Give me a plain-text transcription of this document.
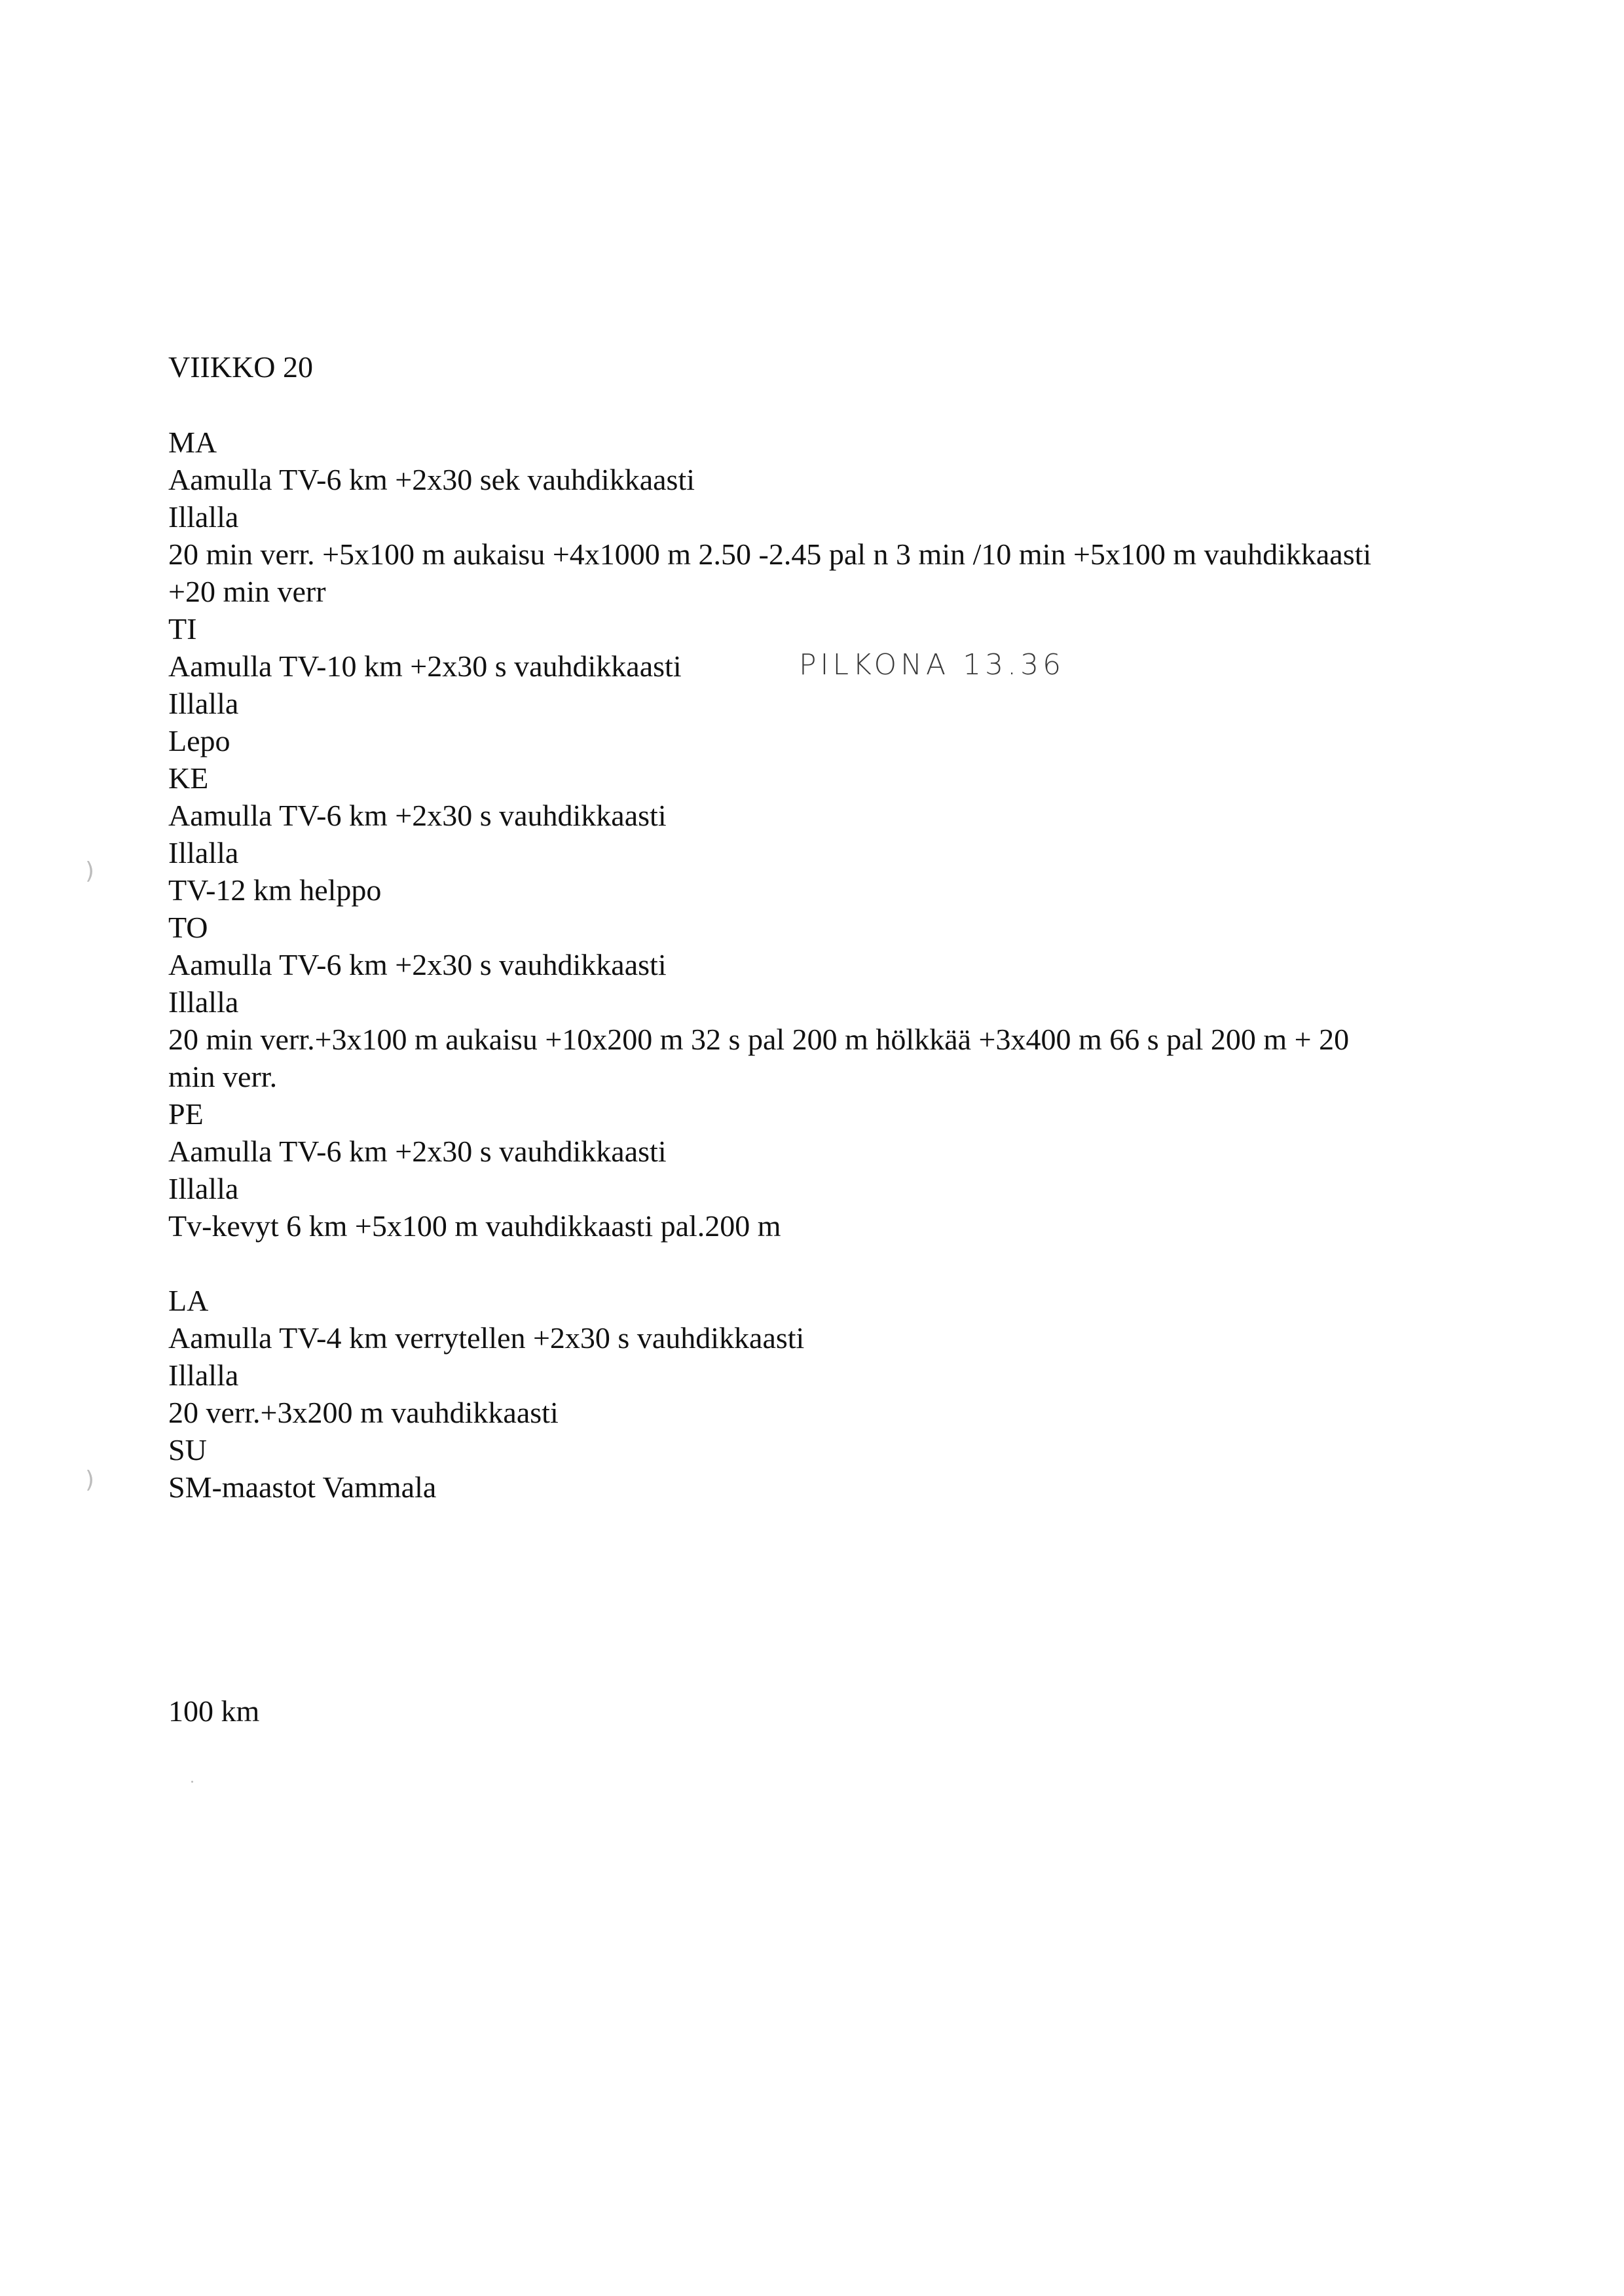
VIIKKO 20
MA
Aamulla TV-6 km +2x30 sek vauhdikkaasti
Illalla
20 min verr. +5x100 m aukaisu +4x1000 m 2.50 -2.45 pal n 3 min /10 min +5x100 m vauhdikkaasti
+20 min verr
TI
Aamulla TV-10 km +2x30 s vauhdikkaasti	PILKONA 13.36
Illalla
Lepo
KE
Aamulla TV-6 km +2x30 s vauhdikkaasti
Illalla
)
TV-12 km helppo
TO
Aamulla TV-6 km +2x30 s vauhdikkaasti
Illalla
20 min verr.+3x100 m aukaisu +10x200 m 32 s pal 200 m hölkkää +3x400 m 66 s pal 200 m + 20
min verr.
PE
Aamulla TV-6 km +2x30 s vauhdikkaasti
Illalla
Tv-kevyt 6 km +5x100 m vauhdikkaasti pal.200 m
LA
Aamulla TV-4 km verrytellen +2x30 s vauhdikkaasti
Illalla
20 verr.+3x200 m vauhdikkaasti
SU
) SM-maastot Vammala
100 km
